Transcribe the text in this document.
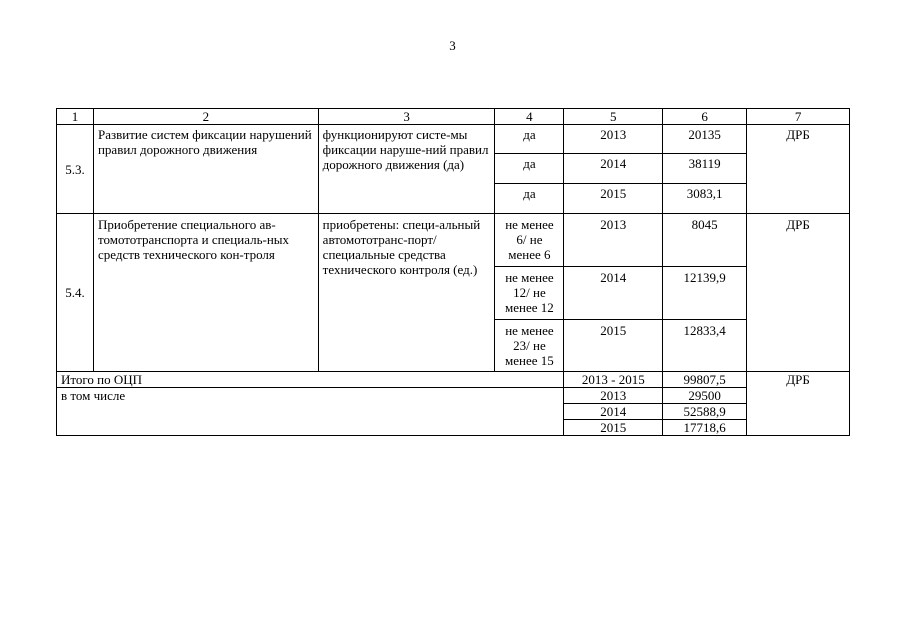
3
1	2	3	4	5	6	7
5.3.	Развитие систем фиксации нарушений правил дорожного движения	функционируют систе-мы фиксации наруше-ний правил дорожного движения (да)	да	2013	20135	ДРБ
			да	2014	38119	
			да	2015	3083,1	
5.4.	Приобретение специального ав-томототранспорта и специаль-ных средств технического кон-троля	приобретены: специ-альный автомототранс-порт/ специальные средства технического контроля (ед.)	не менее 6/ не менее 6	2013	8045	ДРБ
			не менее 12/ не менее 12	2014	12139,9	
			не менее 23/ не менее 15	2015	12833,4	
Итого по ОЦП				2013 - 2015	99807,5	ДРБ
в том числе				2013	29500	
				2014	52588,9	
				2015	17718,6	
